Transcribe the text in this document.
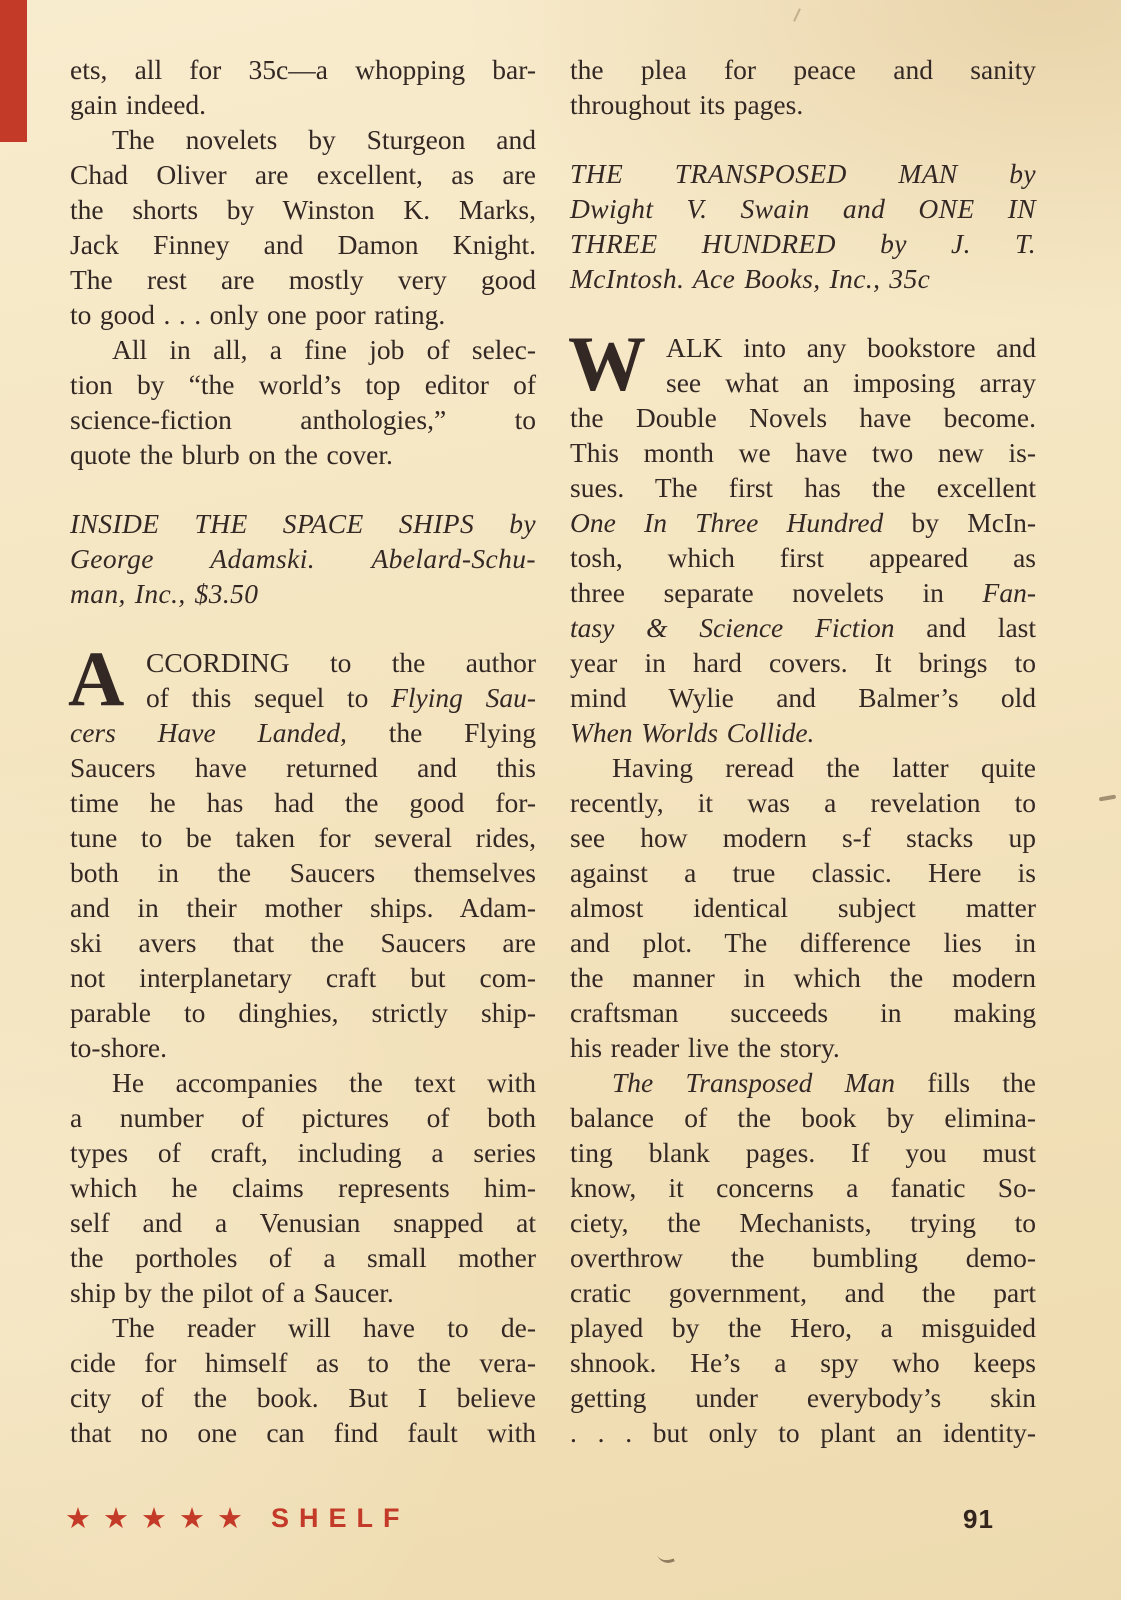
ets, all for 35c—a whopping bar-
gain indeed.
The novelets by Sturgeon and
Chad Oliver are excellent, as are
the shorts by Winston K. Marks,
Jack Finney and Damon Knight.
The rest are mostly very good
to good . . . only one poor rating.
All in all, a fine job of selec-
tion by “the world’s top editor of
science-fiction anthologies,” to
quote the blurb on the cover.
INSIDE THE SPACE SHIPS by
George Adamski. Abelard-Schu-
man, Inc., $3.50
A CCORDING to the author
of this sequel to Flying Sau-
cers Have Landed, the Flying
Saucers have returned and this
time he has had the good for-
tune to be taken for several rides,
both in the Saucers themselves
and in their mother ships. Adam-
ski avers that the Saucers are
not interplanetary craft but com-
parable to dinghies, strictly ship-
to-shore.
He accompanies the text with
a number of pictures of both
types of craft, including a series
which he claims represents him-
self and a Venusian snapped at
the portholes of a small mother
ship by the pilot of a Saucer.
The reader will have to de-
cide for himself as to the vera-
city of the book. But I believe
that no one can find fault with
the plea for peace and sanity
throughout its pages.
THE TRANSPOSED MAN by
Dwight V. Swain and ONE IN
THREE HUNDRED by J. T.
McIntosh. Ace Books, Inc., 35c
W ALK into any bookstore and
see what an imposing array
the Double Novels have become.
This month we have two new is-
sues. The first has the excellent
One In Three Hundred by McIn-
tosh, which first appeared as
three separate novelets in Fan-
tasy & Science Fiction and last
year in hard covers. It brings to
mind Wylie and Balmer’s old
When Worlds Collide.
Having reread the latter quite
recently, it was a revelation to
see how modern s-f stacks up
against a true classic. Here is
almost identical subject matter
and plot. The difference lies in
the manner in which the modern
craftsman succeeds in making
his reader live the story.
The Transposed Man fills the
balance of the book by elimina-
ting blank pages. If you must
know, it concerns a fanatic So-
ciety, the Mechanists, trying to
overthrow the bumbling demo-
cratic government, and the part
played by the Hero, a misguided
shnook. He’s a spy who keeps
getting under everybody’s skin
. . . but only to plant an identity-
★★★★★ SHELF	91
